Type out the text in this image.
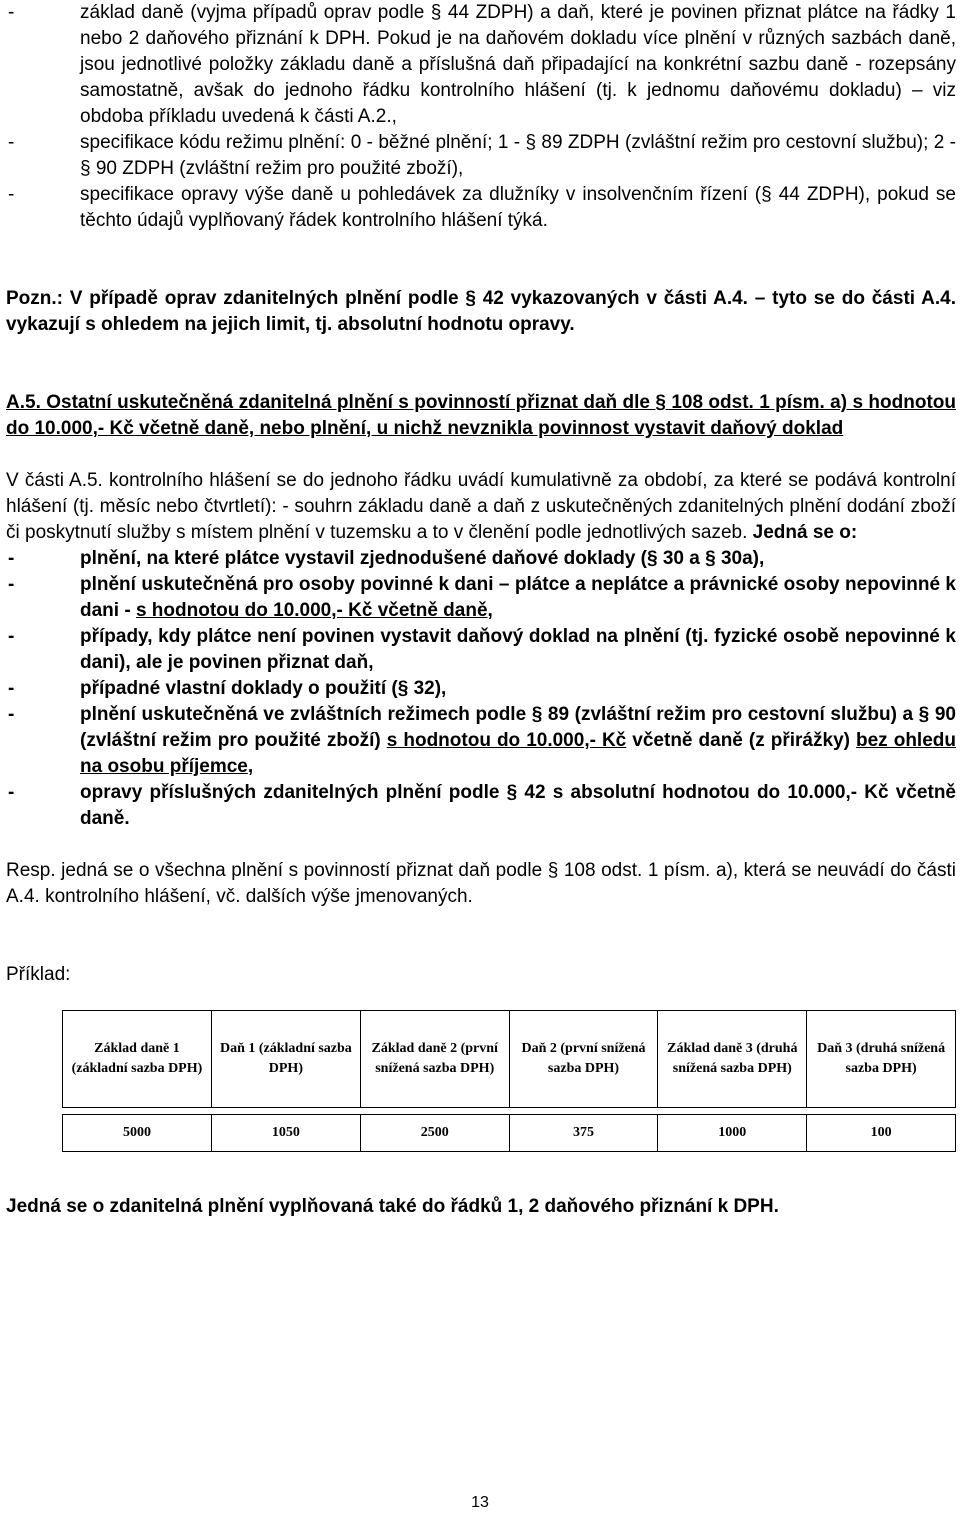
- základ daně (vyjma případů oprav podle § 44 ZDPH) a daň, které je povinen přiznat plátce na řádky 1 nebo 2 daňového přiznání k DPH. Pokud je na daňovém dokladu více plnění v různých sazbách daně, jsou jednotlivé položky základu daně a příslušná daň připadající na konkrétní sazbu daně - rozepsány samostatně, avšak do jednoho řádku kontrolního hlášení (tj. k jednomu daňovému dokladu) – viz obdoba příkladu uvedená k části A.2.,
- specifikace kódu režimu plnění: 0 - běžné plnění; 1 - § 89 ZDPH (zvláštní režim pro cestovní službu); 2 - § 90 ZDPH (zvláštní režim pro použité zboží),
- specifikace opravy výše daně u pohledávek za dlužníky v insolvenčním řízení (§ 44 ZDPH), pokud se těchto údajů vyplňovaný řádek kontrolního hlášení týká.
Pozn.: V případě oprav zdanitelných plnění podle § 42 vykazovaných v části A.4. – tyto se do části A.4. vykazují s ohledem na jejich limit, tj. absolutní hodnotu opravy.
A.5. Ostatní uskutečněná zdanitelná plnění s povinností přiznat daň dle § 108 odst. 1 písm. a) s hodnotou do 10.000,- Kč včetně daně, nebo plnění, u nichž nevznikla povinnost vystavit daňový doklad
V části A.5. kontrolního hlášení se do jednoho řádku uvádí kumulativně za období, za které se podává kontrolní hlášení (tj. měsíc nebo čtvrtletí): - souhrn základu daně a daň z uskutečněných zdanitelných plnění dodání zboží či poskytnutí služby s místem plnění v tuzemsku a to v členění podle jednotlivých sazeb. Jedná se o:
- plnění, na které plátce vystavil zjednodušené daňové doklady (§ 30 a § 30a),
- plnění uskutečněná pro osoby povinné k dani – plátce a neplátce a právnické osoby nepovinné k dani - s hodnotou do 10.000,- Kč včetně daně,
- případy, kdy plátce není povinen vystavit daňový doklad na plnění (tj. fyzické osobě nepovinné k dani), ale je povinen přiznat daň,
- případné vlastní doklady o použití (§ 32),
- plnění uskutečněná ve zvláštních režimech podle § 89 (zvláštní režim pro cestovní službu) a § 90 (zvláštní režim pro použité zboží) s hodnotou do 10.000,- Kč včetně daně (z přirážky) bez ohledu na osobu příjemce,
- opravy příslušných zdanitelných plnění podle § 42 s absolutní hodnotou do 10.000,- Kč včetně daně.
Resp. jedná se o všechna plnění s povinností přiznat daň podle § 108 odst. 1 písm. a), která se neuvádí do části A.4. kontrolního hlášení, vč. dalších výše jmenovaných.
Příklad:
Základ daně 1 (základní sazba DPH)	Daň 1 (základní sazba DPH)	Základ daně 2 (první snížená sazba DPH)	Daň 2 (první snížená sazba DPH)	Základ daně 3 (druhá snížená sazba DPH)	Daň 3 (druhá snížená sazba DPH)

5000	1050	2500	375	1000	100
Jedná se o zdanitelná plnění vyplňovaná také do řádků 1, 2 daňového přiznání k DPH.
13
